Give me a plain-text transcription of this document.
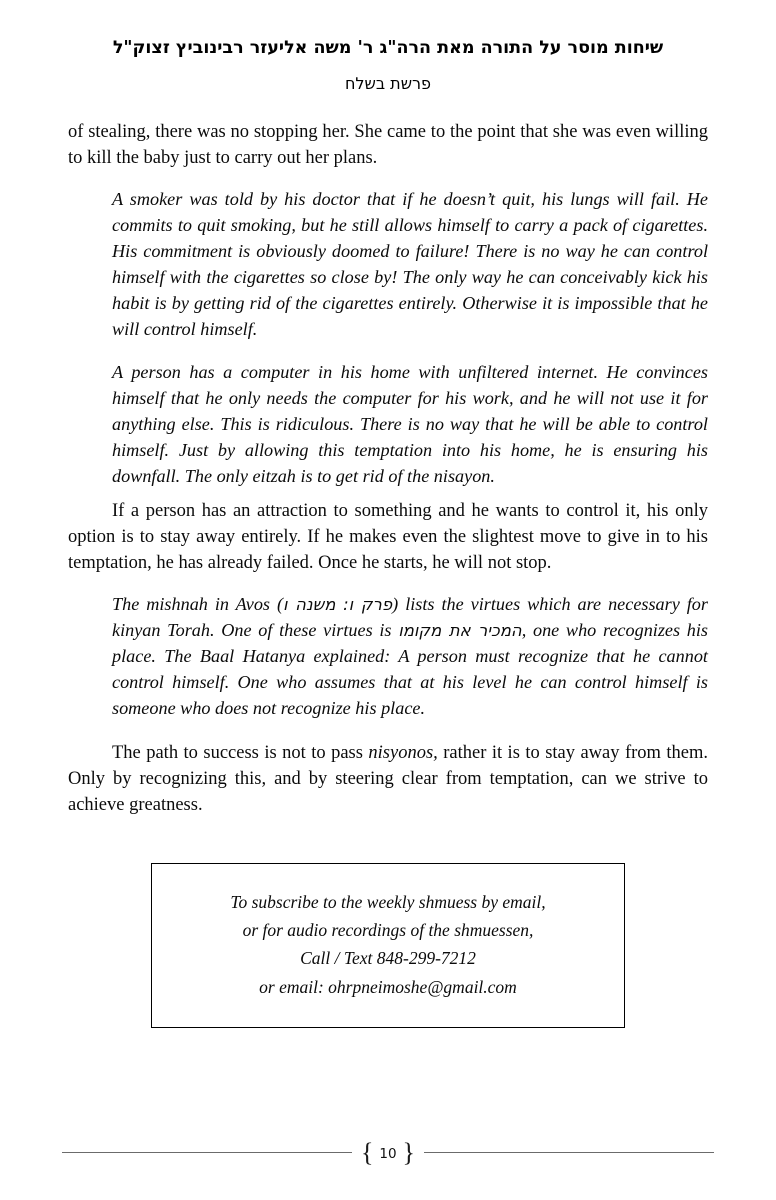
שיחות מוסר על התורה מאת הרה"ג ר' משה אליעזר רבינוביץ זצוק"ל
פרשת בשלח

of stealing, there was no stopping her. She came to the point that she was even willing to kill the baby just to carry out her plans.

A smoker was told by his doctor that if he doesn’t quit, his lungs will fail. He commits to quit smoking, but he still allows himself to carry a pack of cigarettes. His commitment is obviously doomed to failure! There is no way he can control himself with the cigarettes so close by! The only way he can conceivably kick his habit is by getting rid of the cigarettes entirely. Otherwise it is impossible that he will control himself.

A person has a computer in his home with unfiltered internet. He convinces himself that he only needs the computer for his work, and he will not use it for anything else. This is ridiculous. There is no way that he will be able to control himself. Just by allowing this temptation into his home, he is ensuring his downfall. The only eitzah is to get rid of the nisayon.

If a person has an attraction to something and he wants to control it, his only option is to stay away entirely. If he makes even the slightest move to give in to his temptation, he has already failed. Once he starts, he will not stop.

The mishnah in Avos (פרק ו: משנה ו) lists the virtues which are necessary for kinyan Torah. One of these virtues is המכיר את מקומו, one who recognizes his place. The Baal Hatanya explained: A person must recognize that he cannot control himself. One who assumes that at his level he can control himself is someone who does not recognize his place.

The path to success is not to pass nisyonos, rather it is to stay away from them. Only by recognizing this, and by steering clear from temptation, can we strive to achieve greatness.

To subscribe to the weekly shmuess by email,
or for audio recordings of the shmuessen,
Call / Text 848-299-7212
or email: ohrpneimoshe@gmail.com
{ 10 }
